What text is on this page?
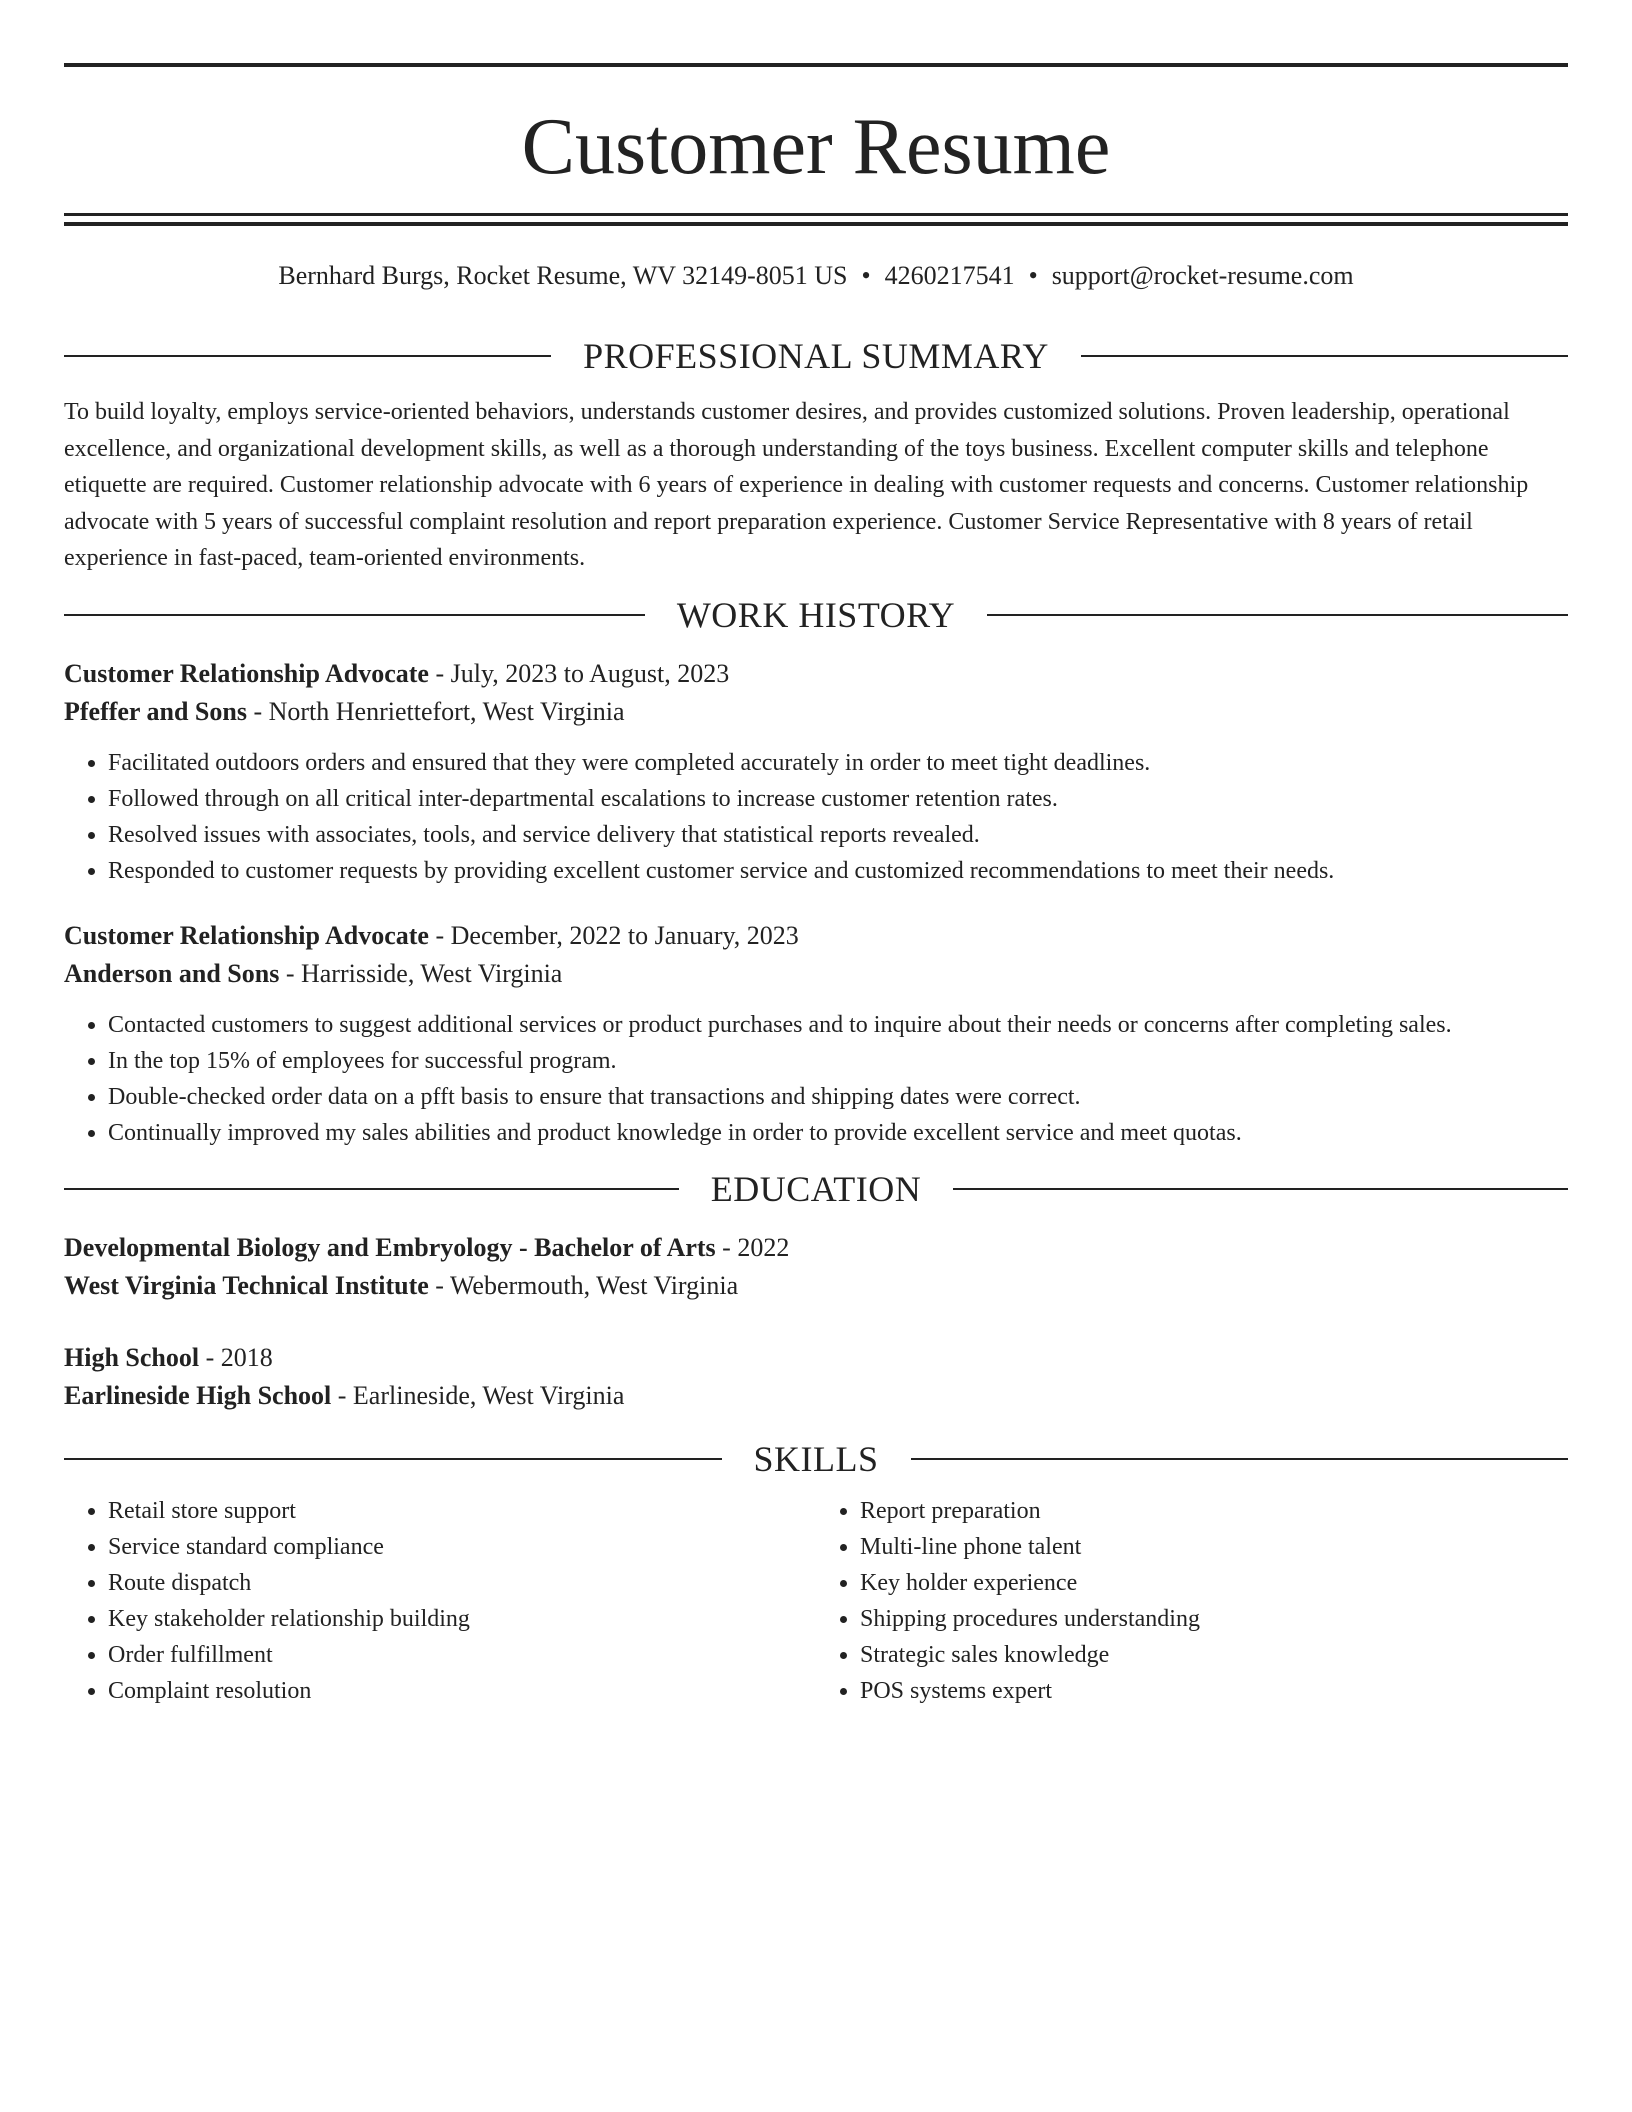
Customer Resume
Bernhard Burgs, Rocket Resume, WV 32149-8051 US • 4260217541 • support@rocket-resume.com
PROFESSIONAL SUMMARY

To build loyalty, employs service-oriented behaviors, understands customer desires, and provides customized solutions. Proven leadership, operational excellence, and organizational development skills, as well as a thorough understanding of the toys business. Excellent computer skills and telephone etiquette are required. Customer relationship advocate with 6 years of experience in dealing with customer requests and concerns. Customer relationship advocate with 5 years of successful complaint resolution and report preparation experience. Customer Service Representative with 8 years of retail experience in fast-paced, team-oriented environments.

WORK HISTORY
Customer Relationship Advocate - July, 2023 to August, 2023
Pfeffer and Sons - North Henriettefort, West Virginia
• Facilitated outdoors orders and ensured that they were completed accurately in order to meet tight deadlines.
• Followed through on all critical inter-departmental escalations to increase customer retention rates.
• Resolved issues with associates, tools, and service delivery that statistical reports revealed.
• Responded to customer requests by providing excellent customer service and customized recommendations to meet their needs.
Customer Relationship Advocate - December, 2022 to January, 2023
Anderson and Sons - Harrisside, West Virginia
• Contacted customers to suggest additional services or product purchases and to inquire about their needs or concerns after completing sales.
• In the top 15% of employees for successful program.
• Double-checked order data on a pfft basis to ensure that transactions and shipping dates were correct.
• Continually improved my sales abilities and product knowledge in order to provide excellent service and meet quotas.
EDUCATION
Developmental Biology and Embryology - Bachelor of Arts - 2022
West Virginia Technical Institute - Webermouth, West Virginia
High School - 2018
Earlineside High School - Earlineside, West Virginia
SKILLS
• Retail store support
• Service standard compliance
• Route dispatch
• Key stakeholder relationship building
• Order fulfillment
• Complaint resolution
• Report preparation
• Multi-line phone talent
• Key holder experience
• Shipping procedures understanding
• Strategic sales knowledge
• POS systems expert
